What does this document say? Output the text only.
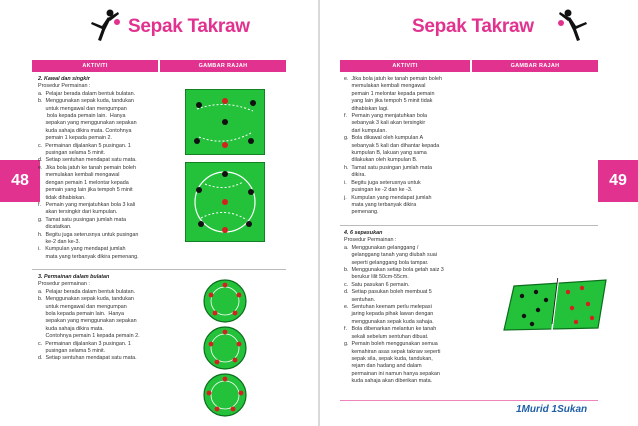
Sepak Takraw
48
AKTIVITI	GAMBAR RAJAH

2. Kawal dan singkir

Prosedur Permainan :

a.  Pelajar berada dalam bentuk bulatan.

b.  Menggunakan sepak kuda, tandukan

untuk mengawal dan mengumpan

bola kepada pemain lain.  Hanya

sepakan yang menggunakan sepakan

kuda sahaja dikira mata. Contohnya

pemain 1 kepada pemain 2.

c.  Permainan dijalankan 5 pusingan. 1

pusingan selama 5 minit.

d.  Setiap sentuhan mendapat satu mata.

e.  Jika bola jatuh ke tanah pemain boleh

memulakan kembali mengawal

dengan pemain 1 melontar kepada

pemain yang lain jika tempoh 5 minit

tidak dihabiskan.

f.   Pemain yang menjatuhkan bola 3 kali

akan tersingkir dari kumpulan.

g.  Tamat satu pusingan jumlah mata

dicatatkan.

h.  Begitu juga seterusnya untuk pusingan

ke-2 dan ke-3.

i.   Kumpulan yang mendapat jumlah

mata yang terbanyak dikira pemenang.

3. Permainan dalam bulatan

Prosedur permainan :

a.  Pelajar berada dalam bentuk bulatan.

b.  Menggunakan sepak kuda, tandukan

untuk mengawal dan mengumpan

bola kepada pemain lain.  Hanya

sepakan yang menggunakan sepakan

kuda sahaja dikira mata.

Contohnya pemain 1 kepada pemain 2.

c.  Permainan dijalankan 3 pusingan. 1

pusingan selama 5 minit.

d.  Setiap sentuhan mendapat satu mata.

Sepak Takraw
49
AKTIVITI	GAMBAR RAJAH

e.  Jika bola jatuh ke tanah pemain boleh

memulakan kembali mengawal

pemain 1 melontar kepada pemain

yang lain jika tempoh 5 minit tidak

dihabiskan lagi.

f.   Pemain yang menjatuhkan bola

sebanyak 3 kali akan tersingkir

dari kumpulan.

g.  Bola dikawal oleh kumpulan A

sebanyak 5 kali dan dihantar kepada

kumpulan B, lakuan yang sama

dilakukan oleh kumpulan B.

h.  Tamat satu pusingan jumlah mata

dikira.

i.   Begitu juga seterusnya untuk

pusingan ke -2 dan ke -3.

j.   Kumpulan yang mendapat jumlah

mata yang terbanyak dikira

pemenang.

4. 6 sepasukan

Prosedur Permainan :

a.  Menggunakan gelanggang /

gelanggang tanah yang diubah suai

seperti gelanggang bola tampar.

b.  Menggunakan setiap bola getah saiz 3

berukur lilit 50cm-55cm.

c.  Satu pasukan 6 pemain.

d.  Setiap pasukan boleh membuat 5

sentuhan.

e.  Sentuhan keenam perlu melepasi

jaring kepada pihak lawan dengan

menggunakan sepak kuda sahaja.

f.   Bola dibenarkan melantun ke tanah

sekali sebelum sentuhan dibuat.

g.  Pemain boleh menggunakan semua

kemahiran asas sepak takraw seperti

sepak sila, sepak kuda, tandukan,

rejam dan hadang and dalam

permainan ini namun hanya sepakan

kuda sahaja akan diberikan mata.

1Murid 1Sukan
